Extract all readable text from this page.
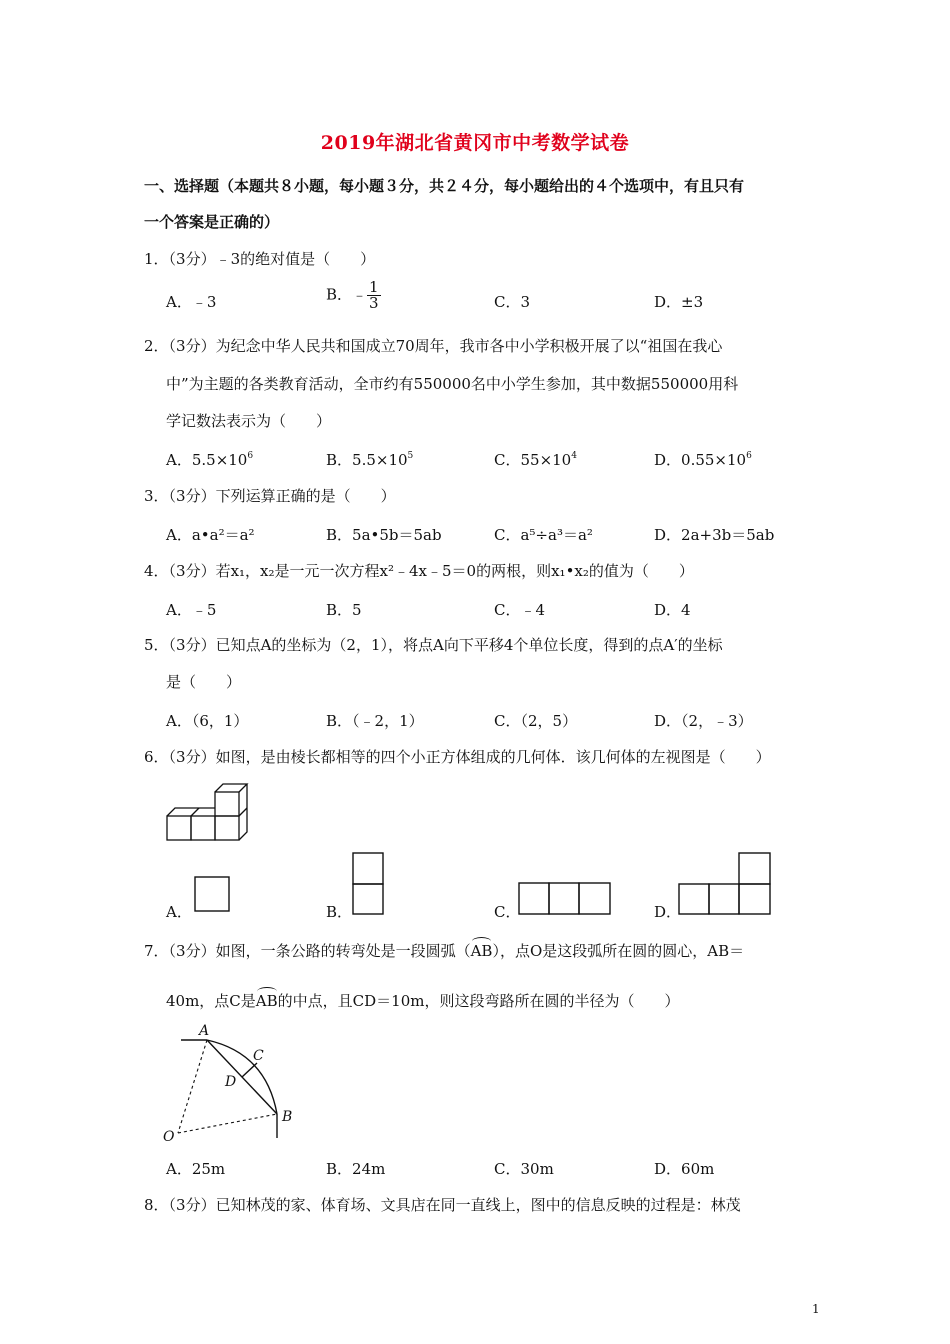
2019年湖北省黄冈市中考数学试卷
一、选择题（本题共８小题，每小题３分，共２４分，每小题给出的４个选项中，有且只有
一个答案是正确的）
1．（3分）﹣3的绝对值是（　　）
A．﹣3	B．﹣ $\frac{1}{3}$	C．3	D．±3
2．（3分）为纪念中华人民共和国成立70周年，我市各中小学积极开展了以“祖国在我心
中”为主题的各类教育活动，全市约有550000名中小学生参加，其中数据550000用科
学记数法表示为（　　）
A．$5.5\times 10^6$	B．$5.5\times 10^5$	C．$55\times 10^4$	D．$0.55\times 10^6$
3．（3分）下列运算正确的是（　　）
A．a•a²＝a²	B．5a•5b＝5ab	C．a⁵÷a³＝a²	D．2a+3b＝5ab
4．（3分）若x₁，x₂是一元一次方程x²﹣4x﹣5＝0的两根，则x₁•x₂的值为（　　）
A．﹣5	B．5	C．﹣4	D．4
5．（3分）已知点A的坐标为（2，1），将点A向下平移4个单位长度，得到的点A′的坐标
是（　　）
A．（6，1）	B．（﹣2，1）	C．（2，5）	D．（2，﹣3）
6．（3分）如图，是由棱长都相等的四个小正方体组成的几何体．该几何体的左视图是（　　）
A．	B．	C．	D．
7．（3分）如图，一条公路的转弯处是一段圆弧（AB），点O是这段弧所在圆的圆心，AB＝
40m，点C是AB的中点，且CD＝10m，则这段弯路所在圆的半径为（　　）
A
C
D
B
O
A．25m	B．24m	C．30m	D．60m
8．（3分）已知林茂的家、体育场、文具店在同一直线上，图中的信息反映的过程是：林茂
1
